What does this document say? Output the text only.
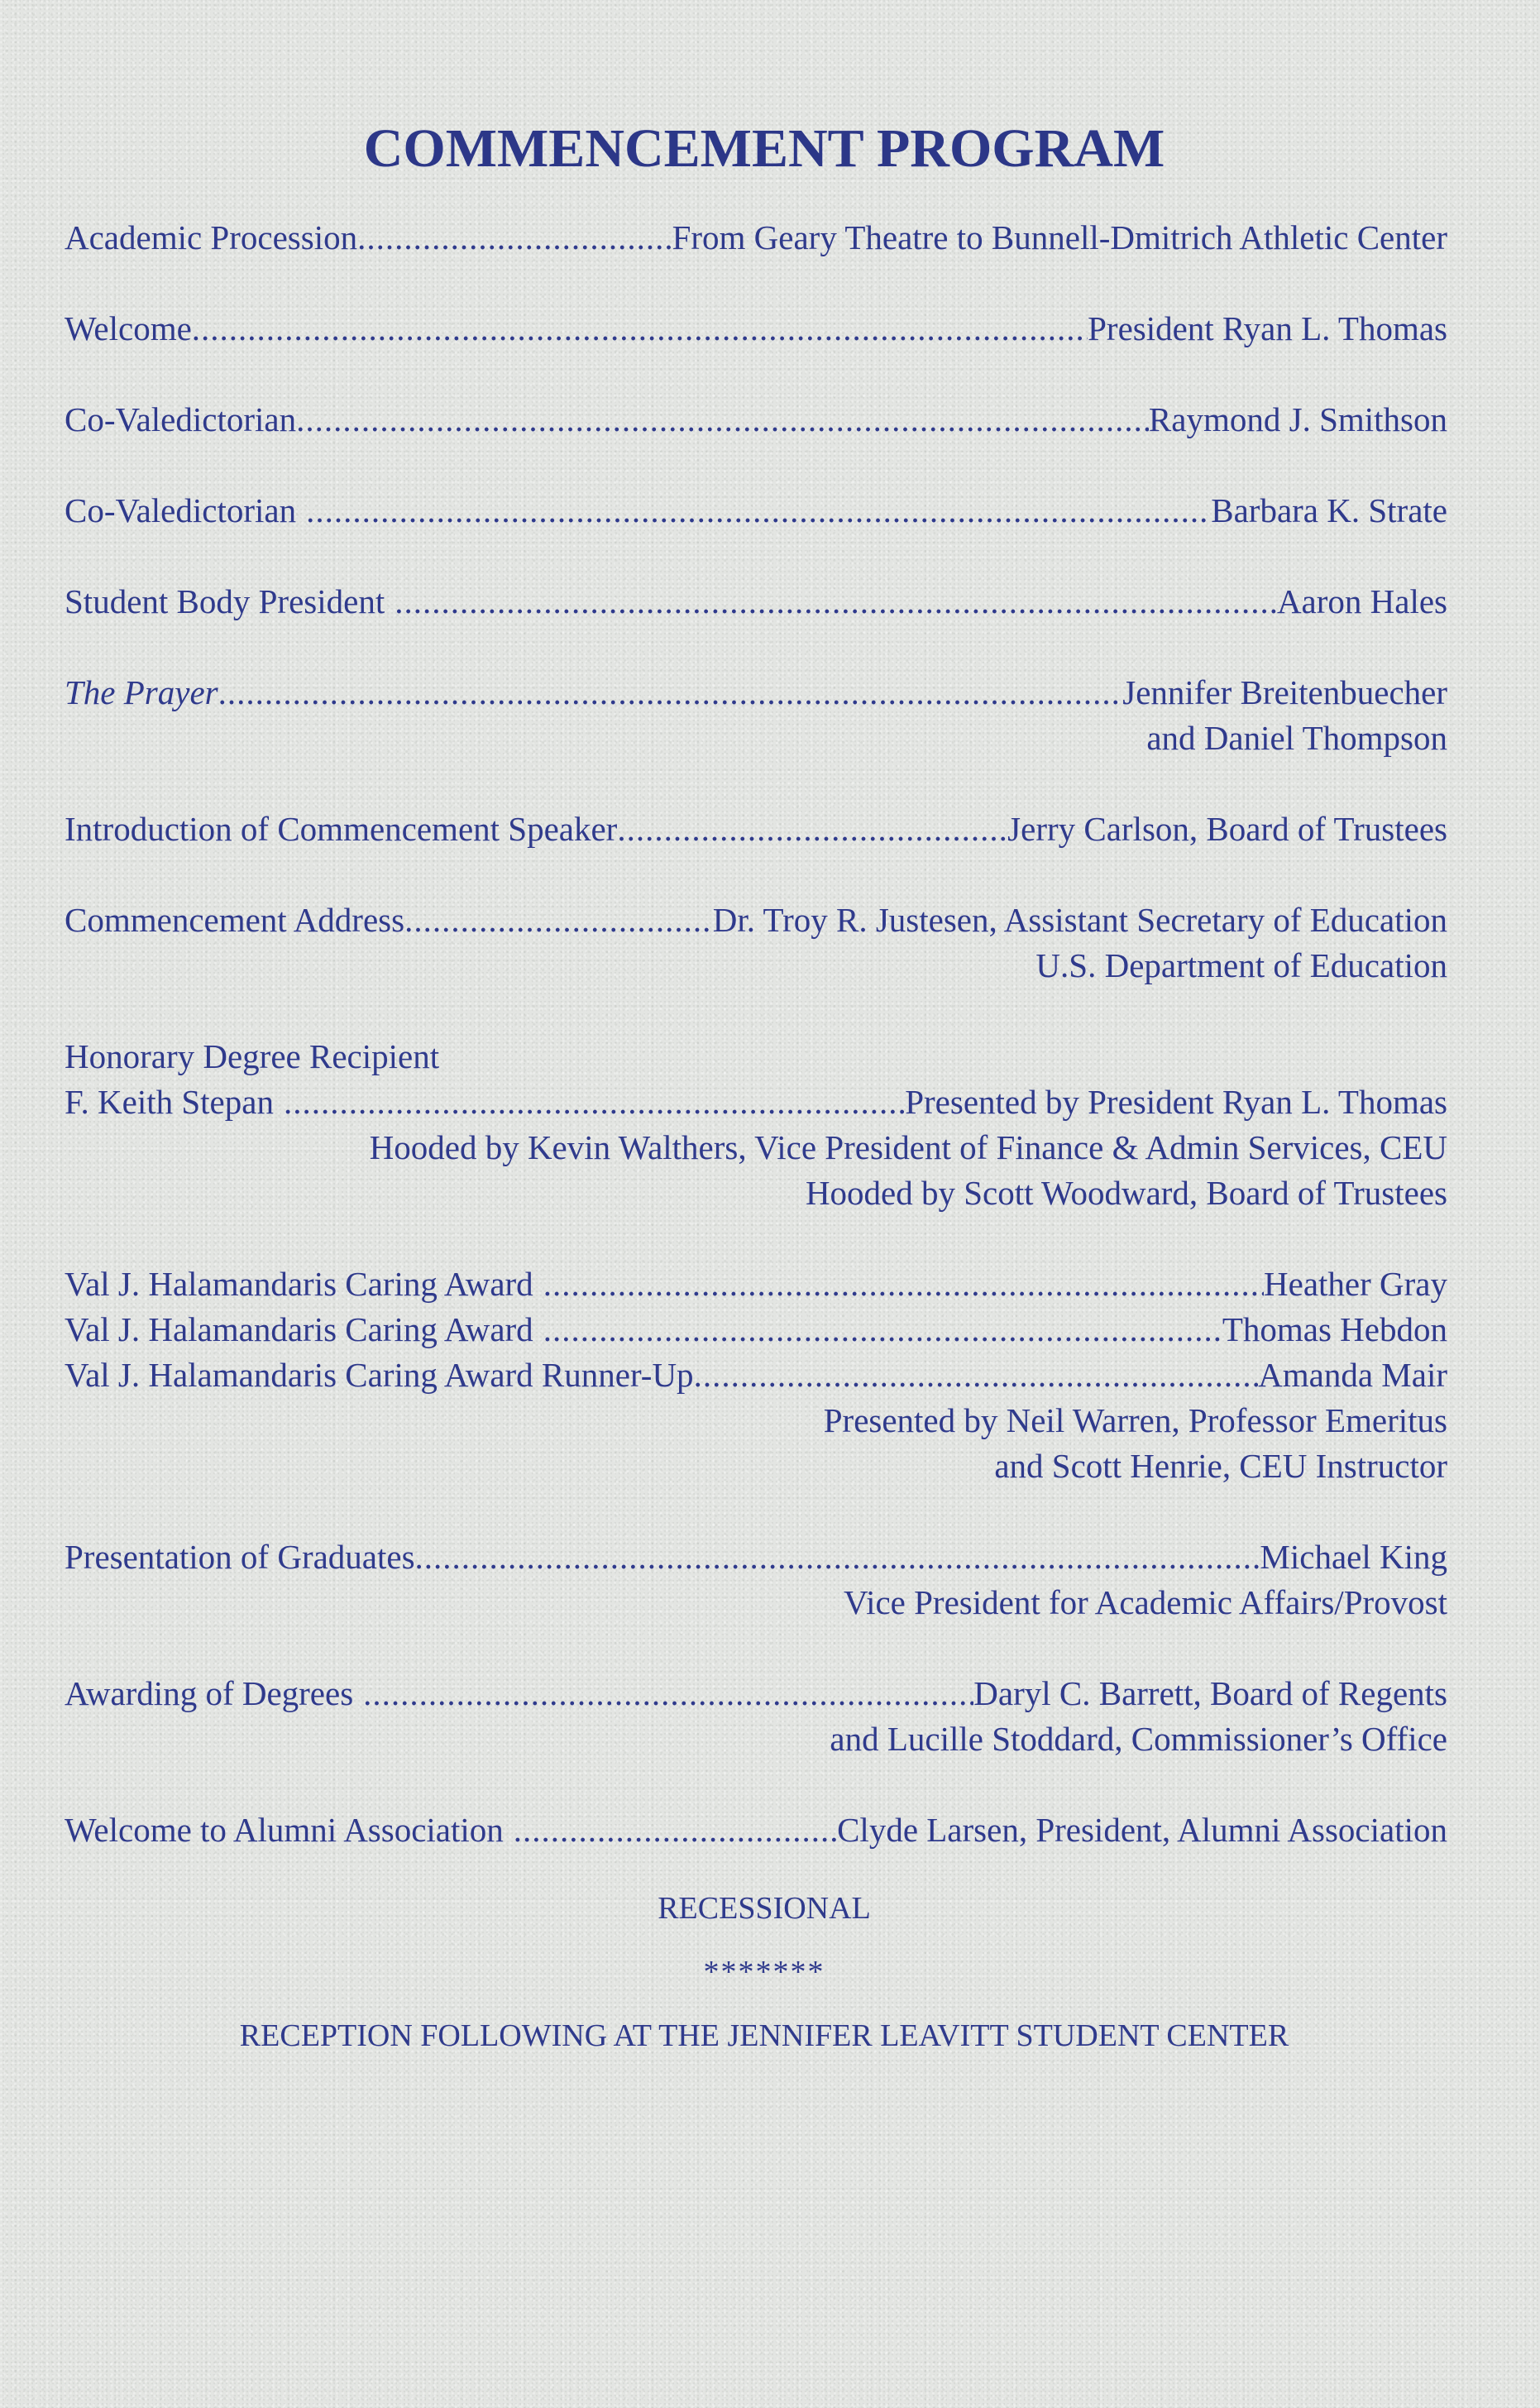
COMMENCEMENT PROGRAM
Academic Procession .....	From Geary Theatre to Bunnell-Dmitrich Athletic Center
Welcome .....	President Ryan L. Thomas
Co-Valedictorian .....	Raymond J. Smithson
Co-Valedictorian .....	Barbara K. Strate
Student Body President .....	Aaron Hales
The Prayer .....	Jennifer Breitenbuecher
and Daniel Thompson
Introduction of Commencement Speaker .....	Jerry Carlson, Board of Trustees
Commencement Address .....	Dr. Troy R. Justesen, Assistant Secretary of Education
U.S. Department of Education
Honorary Degree Recipient
F. Keith Stepan .....	Presented by President Ryan L. Thomas
Hooded by Kevin Walthers, Vice President of Finance & Admin Services, CEU
Hooded by Scott Woodward, Board of Trustees
Val J. Halamandaris Caring Award .....	Heather Gray
Val J. Halamandaris Caring Award .....	Thomas Hebdon
Val J. Halamandaris Caring Award Runner-Up .....	Amanda Mair
Presented by Neil Warren, Professor Emeritus
and Scott Henrie, CEU Instructor
Presentation of Graduates .....	Michael King
Vice President for Academic Affairs/Provost
Awarding of Degrees .....	Daryl C. Barrett, Board of Regents
and Lucille Stoddard, Commissioner’s Office
Welcome to Alumni Association .....	Clyde Larsen, President, Alumni Association
RECESSIONAL
*******
RECEPTION FOLLOWING AT THE JENNIFER LEAVITT STUDENT CENTER
